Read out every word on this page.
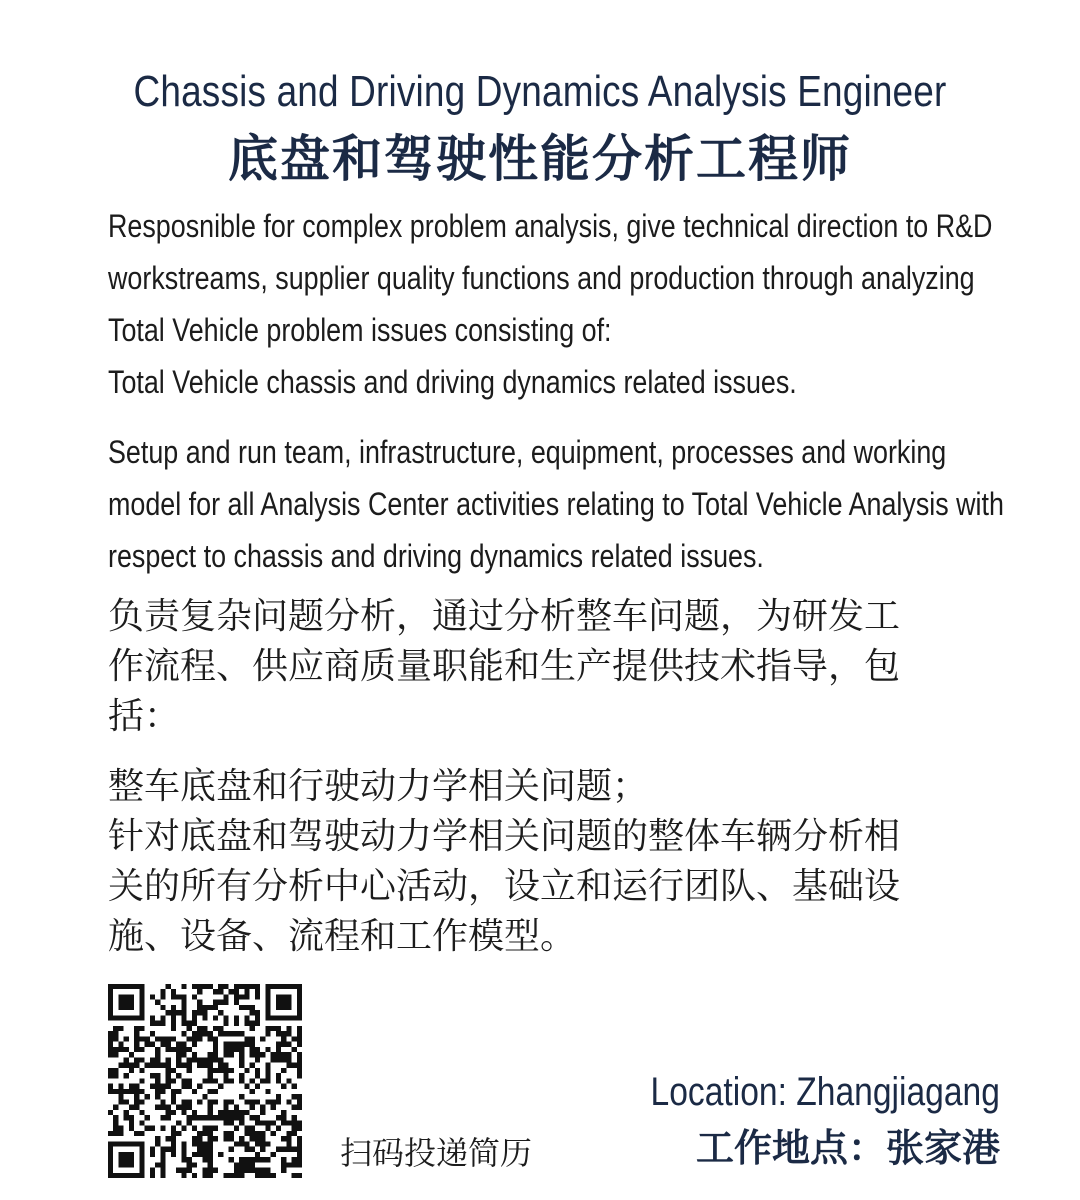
Chassis and Driving Dynamics Analysis Engineer
底盘和驾驶性能分析工程师
Resposnible for complex problem analysis, give technical direction to R&D
workstreams, supplier quality functions and production through analyzing
Total Vehicle problem issues consisting of:
Total Vehicle chassis and driving dynamics related issues.
Setup and run team, infrastructure, equipment, processes and working
model for all Analysis Center activities relating to Total Vehicle Analysis with
respect to chassis and driving dynamics related issues.
负责复杂问题分析，通过分析整车问题，为研发工
作流程、供应商质量职能和生产提供技术指导，包
括：
整车底盘和行驶动力学相关问题；
针对底盘和驾驶动力学相关问题的整体车辆分析相
关的所有分析中心活动，设立和运行团队、基础设
施、设备、流程和工作模型。
扫码投递简历
Location: Zhangjiagang
工作地点：张家港
